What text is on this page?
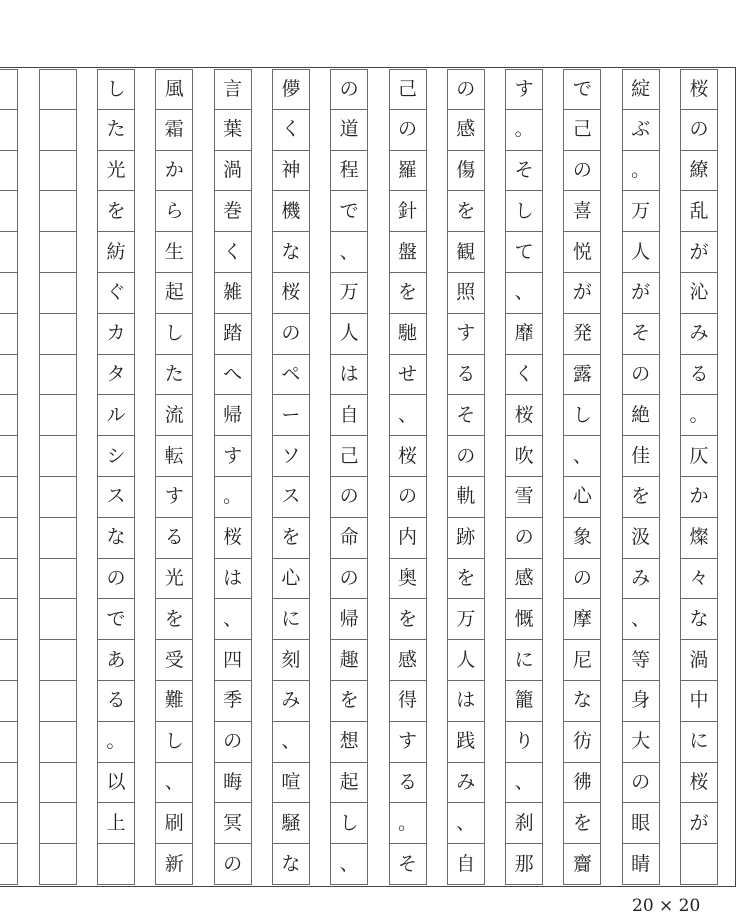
桜
の
繚
乱
が
沁
み
る
。
仄
か
燦
々
な
渦
中
に
桜
が
綻
ぶ
。
万
人
が
そ
の
絶
佳
を
汲
み
、
等
身
大
の
眼
睛
で
己
の
喜
悦
が
発
露
し
、
心
象
の
摩
尼
な
彷
彿
を
齎
す
。
そ
し
て
、
靡
く
桜
吹
雪
の
感
慨
に
籠
り
、
刹
那
の
感
傷
を
観
照
す
る
そ
の
軌
跡
を
万
人
は
践
み
、
自
己
の
羅
針
盤
を
馳
せ
、
桜
の
内
奥
を
感
得
す
る
。
そ
の
道
程
で
、
万
人
は
自
己
の
命
の
帰
趣
を
想
起
し
、
儚
く
神
機
な
桜
の
ペ
ー
ソ
ス
を
心
に
刻
み
、
喧
騒
な
言
葉
渦
巻
く
雑
踏
へ
帰
す
。
桜
は
、
四
季
の
晦
冥
の
風
霜
か
ら
生
起
し
た
流
転
す
る
光
を
受
難
し
、
刷
新
し
た
光
を
紡
ぐ
カ
タ
ル
シ
ス
な
の
で
あ
る
。
以
上
20 × 20
